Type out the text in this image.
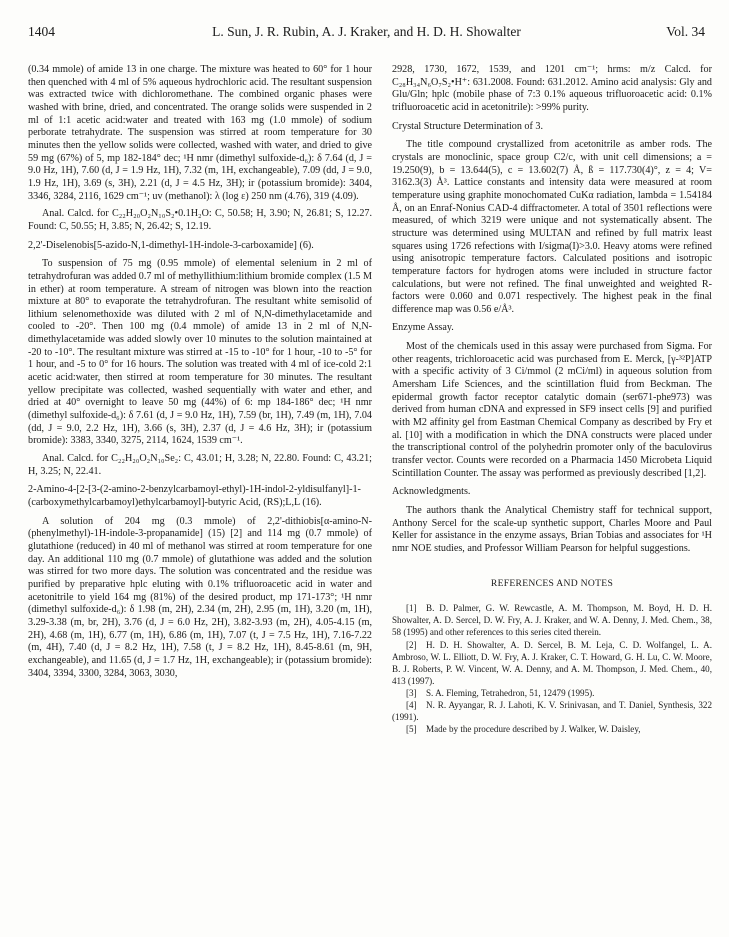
1404	L. Sun, J. R. Rubin, A. J. Kraker, and H. D. H. Showalter	Vol. 34

(0.34 mmole) of amide 13 in one charge. The mixture was heated to 60° for 1 hour then quenched with 4 ml of 5% aqueous hydrochloric acid. The resultant suspension was extracted twice with dichloromethane. The combined organic phases were washed with brine, dried, and concentrated. The orange solids were suspended in 2 ml of 1:1 acetic acid:water and treated with 163 mg (1.0 mmole) of sodium perborate tetrahydrate. The suspension was stirred at room temperature for 30 minutes then the yellow solids were collected, washed with water, and dried to give 59 mg (67%) of 5, mp 182-184° dec; ¹H nmr (dimethyl sulfoxide-d₆): δ 7.64 (d, J = 9.0 Hz, 1H), 7.60 (d, J = 1.9 Hz, 1H), 7.32 (m, 1H, exchangeable), 7.09 (dd, J = 9.0, 1.9 Hz, 1H), 3.69 (s, 3H), 2.21 (d, J = 4.5 Hz, 3H); ir (potassium bromide): 3404, 3346, 3284, 2116, 1629 cm⁻¹; uv (methanol): λ (log ε) 250 nm (4.76), 319 (4.09).

Anal. Calcd. for C₂₂H₂₀O₂N₁₀S₂•0.1H₂O: C, 50.58; H, 3.90; N, 26.81; S, 12.27. Found: C, 50.55; H, 3.85; N, 26.42; S, 12.19.

2,2'-Diselenobis[5-azido-N,1-dimethyl-1H-indole-3-carboxamide] (6).

To suspension of 75 mg (0.95 mmole) of elemental selenium in 2 ml of tetrahydrofuran was added 0.7 ml of methyllithium:lithium bromide complex (1.5 M in ether) at room temperature. A stream of nitrogen was blown into the reaction mixture at 80° to evaporate the tetrahydrofuran. The resultant white semisolid of lithium selenomethoxide was diluted with 2 ml of N,N-dimethylacetamide and cooled to -20°. Then 100 mg (0.4 mmole) of amide 13 in 2 ml of N,N-dimethylacetamide was added slowly over 10 minutes to the solution maintained at -20 to -10°. The resultant mixture was stirred at -15 to -10° for 1 hour, -10 to -5° for 1 hour, and -5 to 0° for 16 hours. The solution was treated with 4 ml of ice-cold 2:1 acetic acid:water, then stirred at room temperature for 30 minutes. The resultant yellow precipitate was collected, washed sequentially with water and ether, and dried at 40° overnight to leave 50 mg (44%) of 6: mp 184-186° dec; ¹H nmr (dimethyl sulfoxide-d₆): δ 7.61 (d, J = 9.0 Hz, 1H), 7.59 (br, 1H), 7.49 (m, 1H), 7.04 (dd, J = 9.0, 2.2 Hz, 1H), 3.66 (s, 3H), 2.37 (d, J = 4.6 Hz, 3H); ir (potassium bromide): 3383, 3340, 3275, 2114, 1624, 1539 cm⁻¹.

Anal. Calcd. for C₂₂H₂₀O₂N₁₀Se₂: C, 43.01; H, 3.28; N, 22.80. Found: C, 43.21; H, 3.25; N, 22.41.

2-Amino-4-[2-[3-(2-amino-2-benzylcarbamoyl-ethyl)-1H-indol-2-yldisulfanyl]-1-(carboxymethylcarbamoyl)ethylcarbamoyl]-butyric Acid, (RS);L,L (16).

A solution of 204 mg (0.3 mmole) of 2,2'-dithiobis[α-amino-N-(phenylmethyl)-1H-indole-3-propanamide] (15) [2] and 114 mg (0.7 mmole) of glutathione (reduced) in 40 ml of methanol was stirred at room temperature for one day. An additional 110 mg (0.7 mmole) of glutathione was added and the solution was stirred for two more days. The solution was concentrated and the residue was purified by preparative hplc eluting with 0.1% trifluoroacetic acid in water and acetonitrile to yield 164 mg (81%) of the desired product, mp 171-173°; ¹H nmr (dimethyl sulfoxide-d₆): δ 1.98 (m, 2H), 2.34 (m, 2H), 2.95 (m, 1H), 3.20 (m, 1H), 3.29-3.38 (m, br, 2H), 3.76 (d, J = 6.0 Hz, 2H), 3.82-3.93 (m, 2H), 4.05-4.15 (m, 2H), 4.68 (m, 1H), 6.77 (m, 1H), 6.86 (m, 1H), 7.07 (t, J = 7.5 Hz, 1H), 7.16-7.22 (m, 4H), 7.40 (d, J = 8.2 Hz, 1H), 7.58 (t, J = 8.2 Hz, 1H), 8.45-8.61 (m, 9H, exchangeable), and 11.65 (d, J = 1.7 Hz, 1H, exchangeable); ir (potassium bromide): 3404, 3394, 3300, 3284, 3063, 3030,

2928, 1730, 1672, 1539, and 1201 cm⁻¹; hrms: m/z Calcd. for C₂₈H₃₄N₆O₇S₂•H⁺: 631.2008. Found: 631.2012. Amino acid analysis: Gly and Glu/Gln; hplc (mobile phase of 7:3 0.1% aqueous trifluoroacetic acid: 0.1% trifluoroacetic acid in acetonitrile): >99% purity.

Crystal Structure Determination of 3.

The title compound crystallized from acetonitrile as amber rods. The crystals are monoclinic, space group C2/c, with unit cell dimensions; a = 19.250(9), b = 13.644(5), c = 13.602(7) Å, ß = 117.730(4)°, z = 4; V= 3162.3(3) Å³. Lattice constants and intensity data were measured at room temperature using graphite monochomated CuKα radiation, lambda = 1.54184 Å, on an Enraf-Nonius CAD-4 diffractometer. A total of 3501 reflections were measured, of which 3219 were unique and not systematically absent. The structure was determined using MULTAN and refined by full matrix least squares using 1726 refections with I/sigma(I)>3.0. Heavy atoms were refined using anisotropic temperature factors. Calculated positions and isotropic temperature factors for hydrogen atoms were included in structure factor calculations, but were not refined. The final unweighted and weighted R-factors were 0.060 and 0.071 respectively. The highest peak in the final difference map was 0.56 e/Å³.

Enzyme Assay.

Most of the chemicals used in this assay were purchased from Sigma. For other reagents, trichloroacetic acid was purchased from E. Merck, [γ-³²P]ATP with a specific activity of 3 Ci/mmol (2 mCi/ml) in aqueous solution from Amersham Life Sciences, and the scintillation fluid from Beckman. The epidermal growth factor receptor catalytic domain (ser671-phe973) was derived from human cDNA and expressed in SF9 insect cells [9] and purified with M2 affinity gel from Eastman Chemical Company as described by Fry et al. [10] with a modification in which the DNA constructs were placed under the transcriptional control of the polyhedrin promoter only of the baculovirus transfer vector. Counts were recorded on a Pharmacia 1450 Microbeta Liquid Scintillation Counter. The assay was performed as previously described [1,2].

Acknowledgments.

The authors thank the Analytical Chemistry staff for technical support, Anthony Sercel for the scale-up synthetic support, Charles Moore and Paul Keller for assistance in the enzyme assays, Brian Tobias and associates for ¹H nmr NOE studies, and Professor William Pearson for helpful suggestions.

REFERENCES AND NOTES

[1] B. D. Palmer, G. W. Rewcastle, A. M. Thompson, M. Boyd, H. D. H. Showalter, A. D. Sercel, D. W. Fry, A. J. Kraker, and W. A. Denny, J. Med. Chem., 38, 58 (1995) and other references to this series cited therein.

[2] H. D. H. Showalter, A. D. Sercel, B. M. Leja, C. D. Wolfangel, L. A. Ambroso, W. L. Elliott, D. W. Fry, A. J. Kraker, C. T. Howard, G. H. Lu, C. W. Moore, B. J. Roberts, P. W. Vincent, W. A. Denny, and A. M. Thompson, J. Med. Chem., 40, 413 (1997).

[3] S. A. Fleming, Tetrahedron, 51, 12479 (1995).

[4] N. R. Ayyangar, R. J. Lahoti, K. V. Srinivasan, and T. Daniel, Synthesis, 322 (1991).

[5] Made by the procedure described by J. Walker, W. Daisley,
